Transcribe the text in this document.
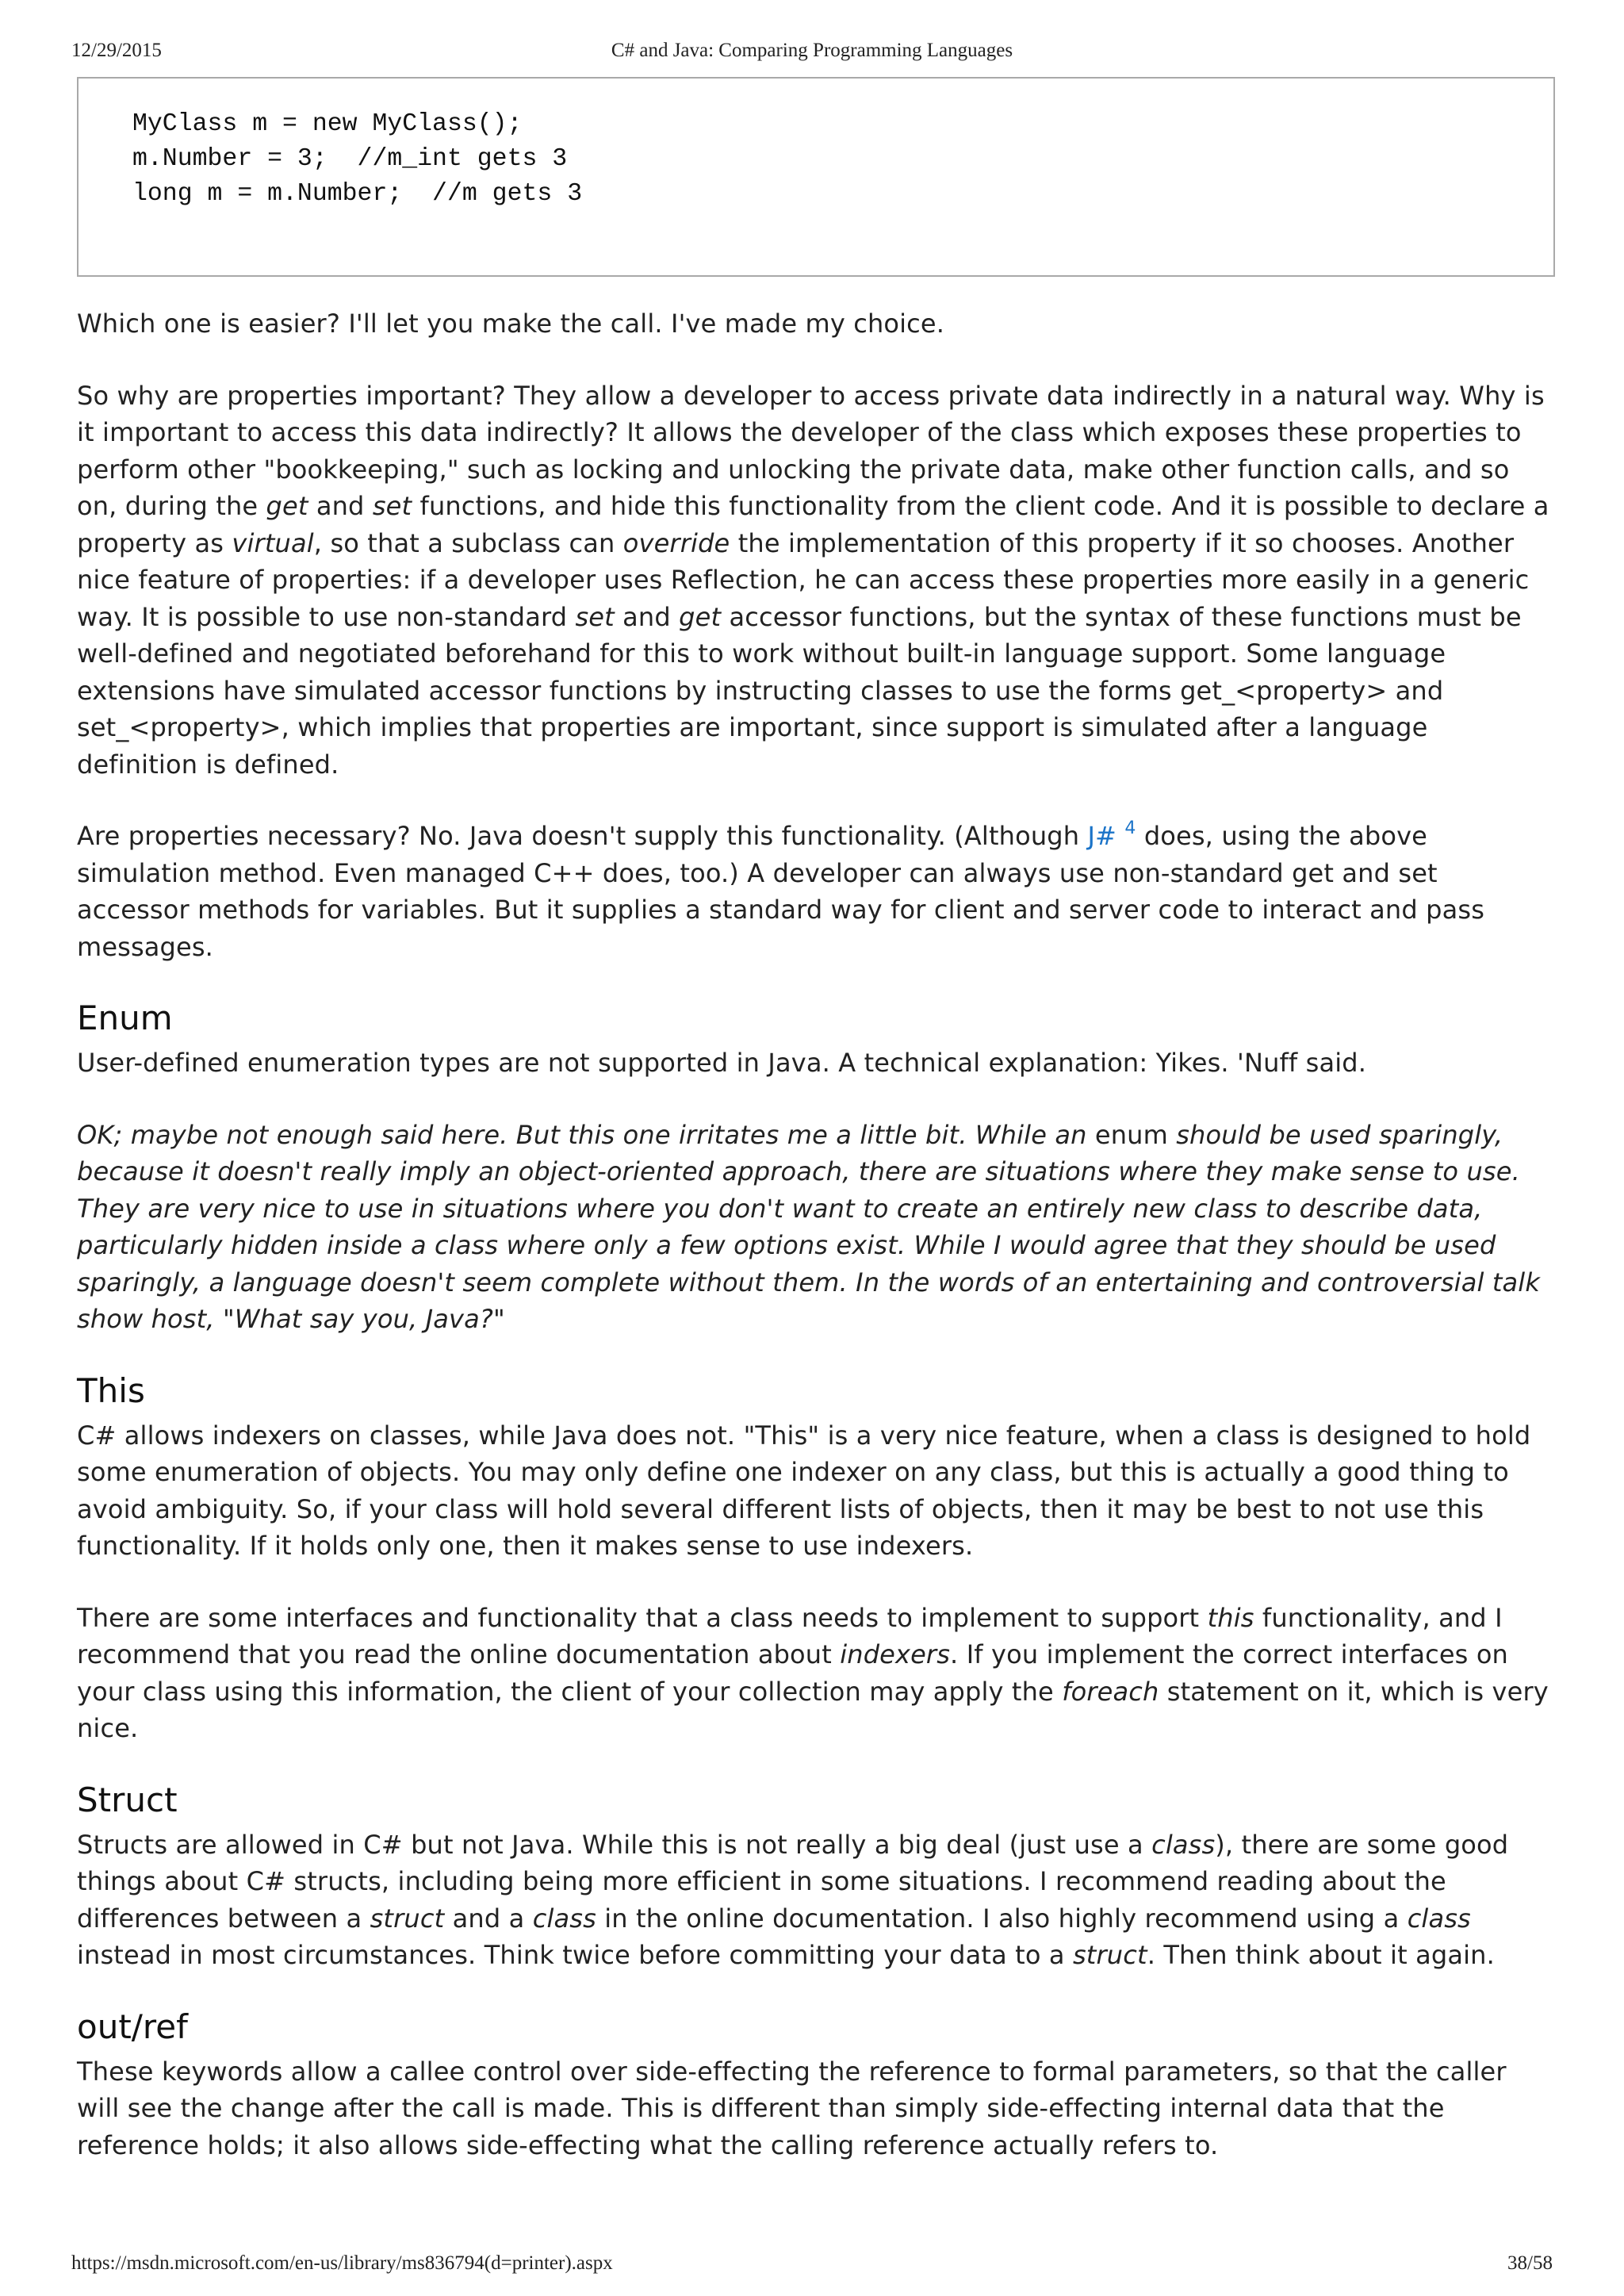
12/29/2015	C# and Java: Comparing Programming Languages
MyClass m = new MyClass();
m.Number = 3;  //m_int gets 3
long m = m.Number;  //m gets 3

Which one is easier? I'll let you make the call. I've made my choice.

So why are properties important? They allow a developer to access private data indirectly in a natural way. Why is it important to access this data indirectly? It allows the developer of the class which exposes these properties to perform other "bookkeeping," such as locking and unlocking the private data, make other function calls, and so on, during the get and set functions, and hide this functionality from the client code. And it is possible to declare a property as virtual, so that a subclass can override the implementation of this property if it so chooses. Another nice feature of properties: if a developer uses Reflection, he can access these properties more easily in a generic way. It is possible to use non-standard set and get accessor functions, but the syntax of these functions must be well-defined and negotiated beforehand for this to work without built-in language support. Some language extensions have simulated accessor functions by instructing classes to use the forms get_<property> and set_<property>, which implies that properties are important, since support is simulated after a language definition is defined.

Are properties necessary? No. Java doesn't supply this functionality. (Although J# $^4$ does, using the above simulation method. Even managed C++ does, too.) A developer can always use non-standard get and set accessor methods for variables. But it supplies a standard way for client and server code to interact and pass messages.

Enum

User-defined enumeration types are not supported in Java. A technical explanation: Yikes. 'Nuff said.

OK; maybe not enough said here. But this one irritates me a little bit. While an enum should be used sparingly, because it doesn't really imply an object-oriented approach, there are situations where they make sense to use. They are very nice to use in situations where you don't want to create an entirely new class to describe data, particularly hidden inside a class where only a few options exist. While I would agree that they should be used sparingly, a language doesn't seem complete without them. In the words of an entertaining and controversial talk show host, "What say you, Java?"

This

C# allows indexers on classes, while Java does not. "This" is a very nice feature, when a class is designed to hold some enumeration of objects. You may only define one indexer on any class, but this is actually a good thing to avoid ambiguity. So, if your class will hold several different lists of objects, then it may be best to not use this functionality. If it holds only one, then it makes sense to use indexers.

There are some interfaces and functionality that a class needs to implement to support this functionality, and I recommend that you read the online documentation about indexers. If you implement the correct interfaces on your class using this information, the client of your collection may apply the foreach statement on it, which is very nice.

Struct

Structs are allowed in C# but not Java. While this is not really a big deal (just use a class), there are some good things about C# structs, including being more efficient in some situations. I recommend reading about the differences between a struct and a class in the online documentation. I also highly recommend using a class instead in most circumstances. Think twice before committing your data to a struct. Then think about it again.

out/ref

These keywords allow a callee control over side-effecting the reference to formal parameters, so that the caller will see the change after the call is made. This is different than simply side-effecting internal data that the reference holds; it also allows side-effecting what the calling reference actually refers to.

https://msdn.microsoft.com/en-us/library/ms836794(d=printer).aspx	38/58
